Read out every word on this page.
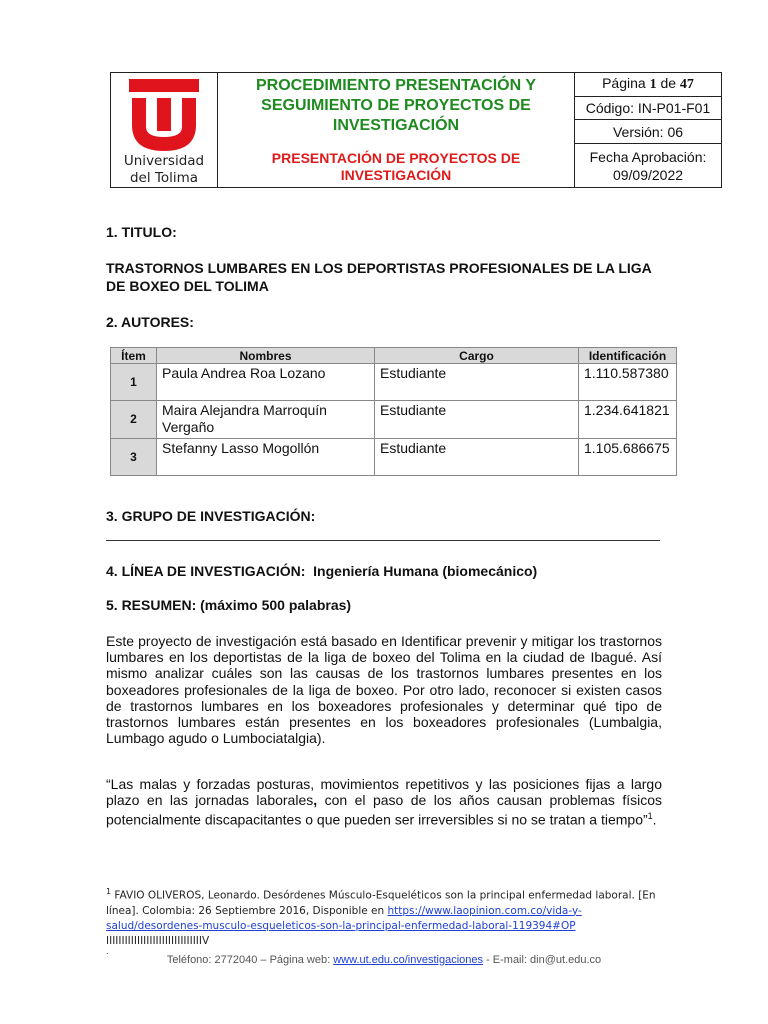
Universidad
del Tolima

PROCEDIMIENTO PRESENTACIÓN Y SEGUIMIENTO DE PROYECTOS DE INVESTIGACIÓN
PRESENTACIÓN DE PROYECTOS DE INVESTIGACIÓN
	Página 1 de 47
Código: IN-P01-F01
Versión: 06

Fecha Aprobación:
09/09/2022
1. TITULO:
TRASTORNOS LUMBARES EN LOS DEPORTISTAS PROFESIONALES DE LA LIGA DE BOXEO DEL TOLIMA
2. AUTORES:
Ítem	Nombres	Cargo	Identificación
1	Paula Andrea Roa Lozano	Estudiante	1.110.587380
2	Maira Alejandra Marroquín Vergaño	Estudiante	1.234.641821
3	Stefanny Lasso Mogollón	Estudiante	1.105.686675
3. GRUPO DE INVESTIGACIÓN:
4. LÍNEA DE INVESTIGACIÓN: Ingeniería Humana (biomecánico)
5. RESUMEN: (máximo 500 palabras)
Este proyecto de investigación está basado en Identificar prevenir y mitigar los trastornos lumbares en los deportistas de la liga de boxeo del Tolima en la ciudad de Ibagué. Así mismo analizar cuáles son las causas de los trastornos lumbares presentes en los boxeadores profesionales de la liga de boxeo. Por otro lado, reconocer si existen casos de trastornos lumbares en los boxeadores profesionales y determinar qué tipo de trastornos lumbares están presentes en los boxeadores profesionales (Lumbalgia, Lumbago agudo o Lumbociatalgia).
“Las malas y forzadas posturas, movimientos repetitivos y las posiciones fijas a largo plazo en las jornadas laborales, con el paso de los años causan problemas físicos potencialmente discapacitantes o que pueden ser irreversibles si no se tratan a tiempo”$^1$.
$^1$ FAVIO OLIVEROS, Leonardo. Desórdenes Músculo-Esqueléticos son la principal enfermedad laboral. [En línea]. Colombia: 26 Septiembre 2016, Disponible en https://www.laopinion.com.co/vida-y-salud/desordenes-musculo-esqueleticos-son-la-principal-enfermedad-laboral-119394#OP IIIIIIIIIIIIIIIIIIIIIIIIIIIIIIIV
.
Teléfono: 2772040 – Página web: www.ut.edu.co/investigaciones - E-mail: din@ut.edu.co
